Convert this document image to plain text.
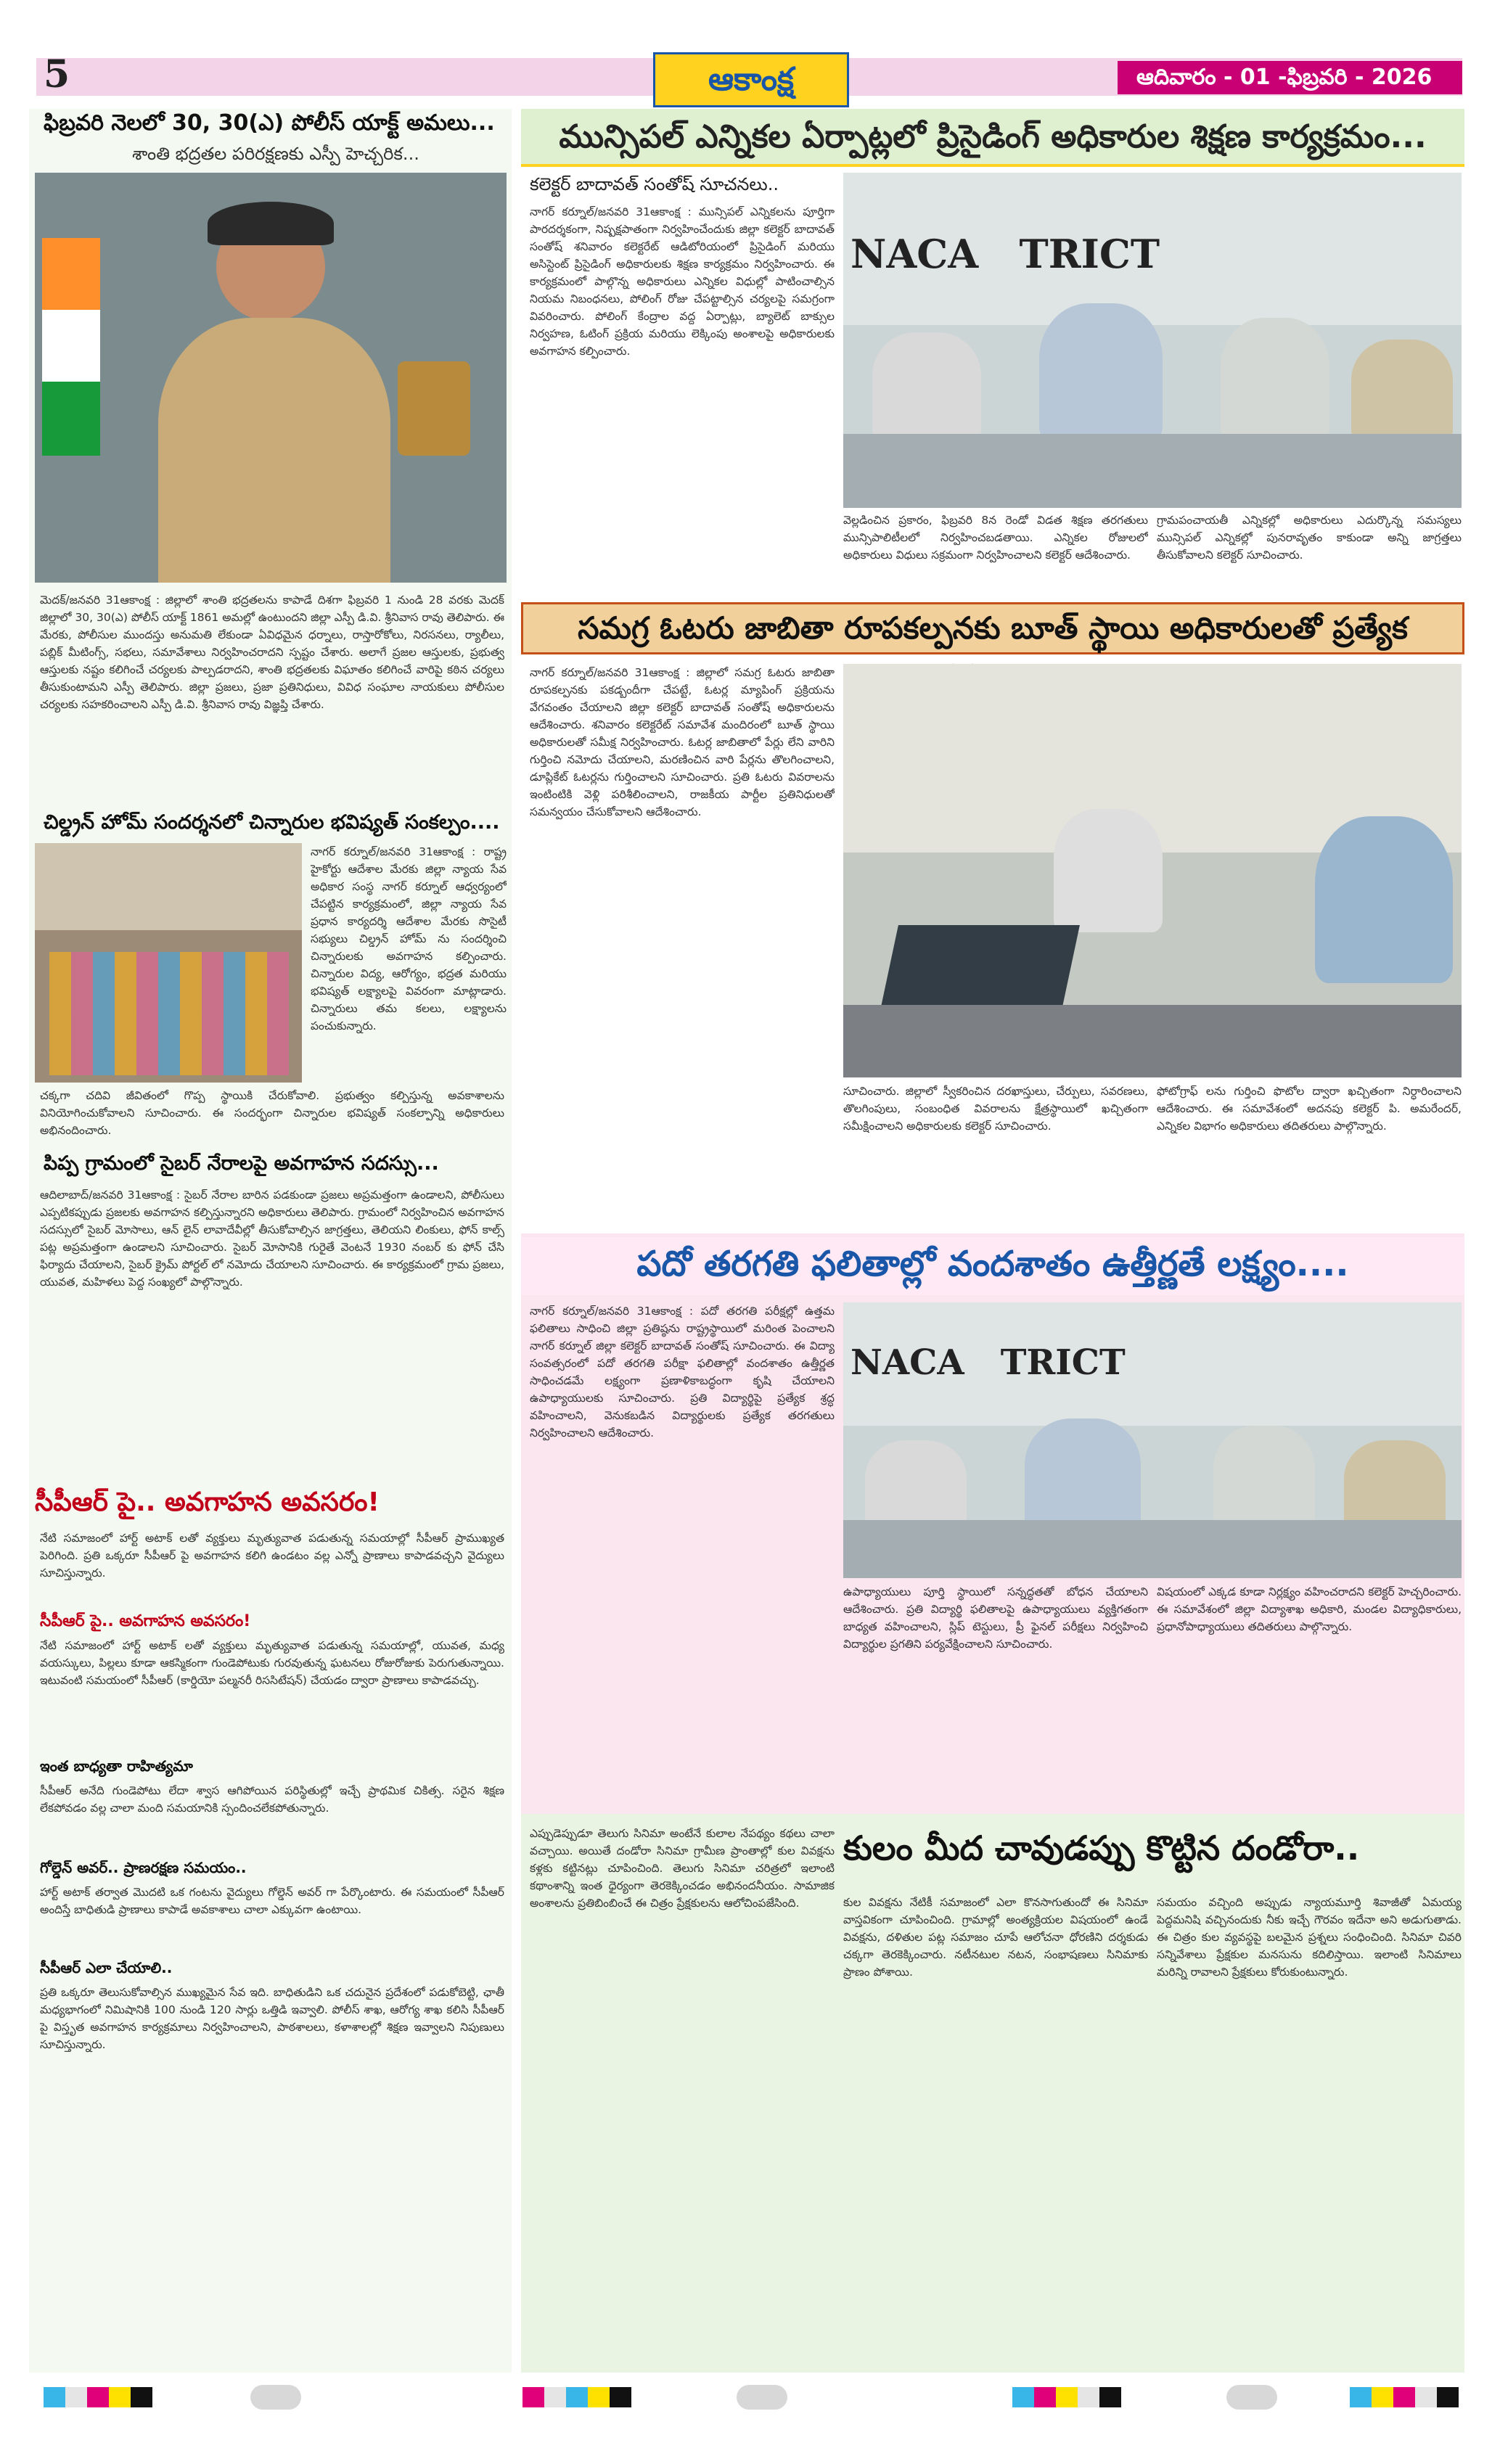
5	ఆకాంక్ష	ఆదివారం - 01 -ఫిబ్రవరి - 2026
ఫిబ్రవరి నెలలో 30, 30(ఎ) పోలీస్ యాక్ట్ అమలు...
శాంతి భద్రతల పరిరక్షణకు ఎస్పీ హెచ్చరిక...
మెదక్/జనవరి 31ఆకాంక్ష : జిల్లాలో శాంతి భద్రతలను కాపాడే దిశగా ఫిబ్రవరి 1 నుండి 28 వరకు మెదక్ జిల్లాలో 30, 30(ఎ) పోలీస్ యాక్ట్ 1861 అమల్లో ఉంటుందని జిల్లా ఎస్పీ డి.వి. శ్రీనివాస రావు తెలిపారు. ఈ మేరకు, పోలీసుల ముందస్తు అనుమతి లేకుండా ఏవిధమైన ధర్నాలు, రాస్తారోకోలు, నిరసనలు, ర్యాలీలు, పబ్లిక్ మీటింగ్స్, సభలు, సమావేశాలు నిర్వహించరాదని స్పష్టం చేశారు. అలాగే ప్రజల ఆస్తులకు, ప్రభుత్వ ఆస్తులకు నష్టం కలిగించే చర్యలకు పాల్పడరాదని, శాంతి భద్రతలకు విఘాతం కలిగించే వారిపై కఠిన చర్యలు తీసుకుంటామని ఎస్పీ తెలిపారు. జిల్లా ప్రజలు, ప్రజా ప్రతినిధులు, వివిధ సంఘాల నాయకులు పోలీసుల చర్యలకు సహకరించాలని ఎస్పీ డి.వి. శ్రీనివాస రావు విజ్ఞప్తి చేశారు.
చిల్డ్రన్ హోమ్ సందర్శనలో చిన్నారుల భవిష్యత్ సంకల్పం....
నాగర్ కర్నూల్/జనవరి 31ఆకాంక్ష : రాష్ట్ర హైకోర్టు ఆదేశాల మేరకు జిల్లా న్యాయ సేవ అధికార సంస్థ నాగర్ కర్నూల్ ఆధ్వర్యంలో చేపట్టిన కార్యక్రమంలో, జిల్లా న్యాయ సేవ ప్రధాన కార్యదర్శి ఆదేశాల మేరకు సొసైటీ సభ్యులు చిల్డ్రన్ హోమ్ ను సందర్శించి చిన్నారులకు అవగాహన కల్పించారు. చిన్నారుల విద్య, ఆరోగ్యం, భద్రత మరియు భవిష్యత్ లక్ష్యాలపై వివరంగా మాట్లాడారు. చిన్నారులు తమ కలలు, లక్ష్యాలను పంచుకున్నారు.
చక్కగా చదివి జీవితంలో గొప్ప స్థాయికి చేరుకోవాలి. ప్రభుత్వం కల్పిస్తున్న అవకాశాలను వినియోగించుకోవాలని సూచించారు. ఈ సందర్భంగా చిన్నారుల భవిష్యత్ సంకల్పాన్ని అధికారులు అభినందించారు.
పిప్ప గ్రామంలో సైబర్ నేరాలపై అవగాహన సదస్సు...
ఆదిలాబాద్/జనవరి 31ఆకాంక్ష : సైబర్ నేరాల బారిన పడకుండా ప్రజలు అప్రమత్తంగా ఉండాలని, పోలీసులు ఎప్పటికప్పుడు ప్రజలకు అవగాహన కల్పిస్తున్నారని అధికారులు తెలిపారు. గ్రామంలో నిర్వహించిన అవగాహన సదస్సులో సైబర్ మోసాలు, ఆన్ లైన్ లావాదేవీల్లో తీసుకోవాల్సిన జాగ్రత్తలు, తెలియని లింకులు, ఫోన్ కాల్స్ పట్ల అప్రమత్తంగా ఉండాలని సూచించారు. సైబర్ మోసానికి గురైతే వెంటనే 1930 నంబర్ కు ఫోన్ చేసి ఫిర్యాదు చేయాలని, సైబర్ క్రైమ్ పోర్టల్ లో నమోదు చేయాలని సూచించారు. ఈ కార్యక్రమంలో గ్రామ ప్రజలు, యువత, మహిళలు పెద్ద సంఖ్యలో పాల్గొన్నారు.
సీపీఆర్ పై.. అవగాహన అవసరం!
నేటి సమాజంలో హార్ట్ అటాక్ లతో వ్యక్తులు మృత్యువాత పడుతున్న సమయాల్లో సీపీఆర్ ప్రాముఖ్యత పెరిగింది. ప్రతి ఒక్కరూ సీపీఆర్ పై అవగాహన కలిగి ఉండటం వల్ల ఎన్నో ప్రాణాలు కాపాడవచ్చని వైద్యులు సూచిస్తున్నారు.
సీపీఆర్ పై.. అవగాహన అవసరం!
నేటి సమాజంలో హార్ట్ అటాక్ లతో వ్యక్తులు మృత్యువాత పడుతున్న సమయాల్లో, యువత, మధ్య వయస్కులు, పిల్లలు కూడా ఆకస్మికంగా గుండెపోటుకు గురవుతున్న ఘటనలు రోజురోజుకు పెరుగుతున్నాయి. ఇటువంటి సమయంలో సీపీఆర్ (కార్డియో పల్మనరీ రిససిటేషన్) చేయడం ద్వారా ప్రాణాలు కాపాడవచ్చు.
ఇంత బాధ్యతా రాహిత్యమా
సీపీఆర్ అనేది గుండెపోటు లేదా శ్వాస ఆగిపోయిన పరిస్థితుల్లో ఇచ్చే ప్రాథమిక చికిత్స. సరైన శిక్షణ లేకపోవడం వల్ల చాలా మంది సమయానికి స్పందించలేకపోతున్నారు.
గోల్డెన్ అవర్.. ప్రాణరక్షణ సమయం..
హార్ట్ అటాక్ తర్వాత మొదటి ఒక గంటను వైద్యులు గోల్డెన్ అవర్ గా పేర్కొంటారు. ఈ సమయంలో సీపీఆర్ అందిస్తే బాధితుడి ప్రాణాలు కాపాడే అవకాశాలు చాలా ఎక్కువగా ఉంటాయి.
సీపీఆర్ ఎలా చేయాలి..
ప్రతి ఒక్కరూ తెలుసుకోవాల్సిన ముఖ్యమైన సేవ ఇది. బాధితుడిని ఒక చదునైన ప్రదేశంలో పడుకోబెట్టి, ఛాతీ మధ్యభాగంలో నిమిషానికి 100 నుండి 120 సార్లు ఒత్తిడి ఇవ్వాలి. పోలీస్ శాఖ, ఆరోగ్య శాఖ కలిసి సీపీఆర్ పై విస్తృత అవగాహన కార్యక్రమాలు నిర్వహించాలని, పాఠశాలలు, కళాశాలల్లో శిక్షణ ఇవ్వాలని నిపుణులు సూచిస్తున్నారు.
మున్సిపల్ ఎన్నికల ఏర్పాట్లలో ప్రిసైడింగ్ అధికారుల శిక్షణ కార్యక్రమం...
కలెక్టర్ బాదావత్ సంతోష్ సూచనలు..
నాగర్ కర్నూల్/జనవరి 31ఆకాంక్ష : మున్సిపల్ ఎన్నికలను పూర్తిగా పారదర్శకంగా, నిష్పక్షపాతంగా నిర్వహించేందుకు జిల్లా కలెక్టర్ బాదావత్ సంతోష్ శనివారం కలెక్టరేట్ ఆడిటోరియంలో ప్రిసైడింగ్ మరియు అసిస్టెంట్ ప్రిసైడింగ్ అధికారులకు శిక్షణ కార్యక్రమం నిర్వహించారు. ఈ కార్యక్రమంలో పాల్గొన్న అధికారులు ఎన్నికల విధుల్లో పాటించాల్సిన నియమ నిబంధనలు, పోలింగ్ రోజు చేపట్టాల్సిన చర్యలపై సమగ్రంగా వివరించారు. పోలింగ్ కేంద్రాల వద్ద ఏర్పాట్లు, బ్యాలెట్ బాక్సుల నిర్వహణ, ఓటింగ్ ప్రక్రియ మరియు లెక్కింపు అంశాలపై అధికారులకు అవగాహన కల్పించారు.
NACA   TRICT
వెల్లడించిన ప్రకారం, ఫిబ్రవరి 8న రెండో విడత శిక్షణ తరగతులు మున్సిపాలిటీలలో నిర్వహించబడతాయి. ఎన్నికల రోజులలో అధికారులు విధులు సక్రమంగా నిర్వహించాలని కలెక్టర్ ఆదేశించారు.
గ్రామపంచాయతీ ఎన్నికల్లో అధికారులు ఎదుర్కొన్న సమస్యలు మున్సిపల్ ఎన్నికల్లో పునరావృతం కాకుండా అన్ని జాగ్రత్తలు తీసుకోవాలని కలెక్టర్ సూచించారు.
సమగ్ర ఓటరు జాబితా రూపకల్పనకు బూత్ స్థాయి అధికారులతో ప్రత్యేక
నాగర్ కర్నూల్/జనవరి 31ఆకాంక్ష : జిల్లాలో సమగ్ర ఓటరు జాబితా రూపకల్పనకు పకడ్బందీగా చేపట్టే, ఓటర్ల మ్యాపింగ్ ప్రక్రియను వేగవంతం చేయాలని జిల్లా కలెక్టర్ బాదావత్ సంతోష్ అధికారులను ఆదేశించారు. శనివారం కలెక్టరేట్ సమావేశ మందిరంలో బూత్ స్థాయి అధికారులతో సమీక్ష నిర్వహించారు. ఓటర్ల జాబితాలో పేర్లు లేని వారిని గుర్తించి నమోదు చేయాలని, మరణించిన వారి పేర్లను తొలగించాలని, డూప్లికేట్ ఓటర్లను గుర్తించాలని సూచించారు. ప్రతి ఓటరు వివరాలను ఇంటింటికి వెళ్లి పరిశీలించాలని, రాజకీయ పార్టీల ప్రతినిధులతో సమన్వయం చేసుకోవాలని ఆదేశించారు.
సూచించారు. జిల్లాలో స్వీకరించిన దరఖాస్తులు, చేర్పులు, సవరణలు, తొలగింపులు, సంబంధిత వివరాలను క్షేత్రస్థాయిలో ఖచ్చితంగా సమీక్షించాలని అధికారులకు కలెక్టర్ సూచించారు.
ఫోటోగ్రాఫ్ లను గుర్తించి ఫొటోల ద్వారా ఖచ్చితంగా నిర్ధారించాలని ఆదేశించారు. ఈ సమావేశంలో అదనపు కలెక్టర్ పి. అమరేందర్, ఎన్నికల విభాగం అధికారులు తదితరులు పాల్గొన్నారు.
పదో తరగతి ఫలితాల్లో వందశాతం ఉత్తీర్ణతే లక్ష్యం....
నాగర్ కర్నూల్/జనవరి 31ఆకాంక్ష : పదో తరగతి పరీక్షల్లో ఉత్తమ ఫలితాలు సాధించి జిల్లా ప్రతిష్ఠను రాష్ట్రస్థాయిలో మరింత పెంచాలని నాగర్ కర్నూల్ జిల్లా కలెక్టర్ బాదావత్ సంతోష్ సూచించారు. ఈ విద్యా సంవత్సరంలో పదో తరగతి పరీక్షా ఫలితాల్లో వందశాతం ఉత్తీర్ణత సాధించడమే లక్ష్యంగా ప్రణాళికాబద్ధంగా కృషి చేయాలని ఉపాధ్యాయులకు సూచించారు. ప్రతి విద్యార్థిపై ప్రత్యేక శ్రద్ధ వహించాలని, వెనుకబడిన విద్యార్థులకు ప్రత్యేక తరగతులు నిర్వహించాలని ఆదేశించారు.
NACA   TRICT
ఉపాధ్యాయులు పూర్తి స్థాయిలో సన్నద్ధతతో బోధన చేయాలని ఆదేశించారు. ప్రతి విద్యార్థి ఫలితాలపై ఉపాధ్యాయులు వ్యక్తిగతంగా బాధ్యత వహించాలని, స్లిప్ టెస్టులు, ప్రీ ఫైనల్ పరీక్షలు నిర్వహించి విద్యార్థుల ప్రగతిని పర్యవేక్షించాలని సూచించారు.
విషయంలో ఎక్కడ కూడా నిర్లక్ష్యం వహించరాదని కలెక్టర్ హెచ్చరించారు. ఈ సమావేశంలో జిల్లా విద్యాశాఖ అధికారి, మండల విద్యాధికారులు, ప్రధానోపాధ్యాయులు తదితరులు పాల్గొన్నారు.
ఎప్పుడెప్పుడూ తెలుగు సినిమా అంటేనే కులాల నేపథ్యం కథలు చాలా వచ్చాయి. అయితే దండోరా సినిమా గ్రామీణ ప్రాంతాల్లో కుల వివక్షను కళ్లకు కట్టినట్లు చూపించింది. తెలుగు సినిమా చరిత్రలో ఇలాంటి కథాంశాన్ని ఇంత ధైర్యంగా తెరకెక్కించడం అభినందనీయం. సామాజిక అంశాలను ప్రతిబింబించే ఈ చిత్రం ప్రేక్షకులను ఆలోచింపజేసింది.
కులం మీద చావుడప్పు కొట్టిన దండోరా..
కుల వివక్షను నేటికీ సమాజంలో ఎలా కొనసాగుతుందో ఈ సినిమా వాస్తవికంగా చూపించింది. గ్రామాల్లో అంత్యక్రియల విషయంలో ఉండే వివక్షను, దళితుల పట్ల సమాజం చూపే ఆలోచనా ధోరణిని దర్శకుడు చక్కగా తెరకెక్కించారు. నటీనటుల నటన, సంభాషణలు సినిమాకు ప్రాణం పోశాయి.
సమయం వచ్చింది అప్పుడు న్యాయమూర్తి శివాజీతో ఏమయ్య పెద్దమనిషి వచ్చినందుకు నీకు ఇచ్చే గౌరవం ఇదేనా అని అడుగుతాడు. ఈ చిత్రం కుల వ్యవస్థపై బలమైన ప్రశ్నలు సంధించింది. సినిమా చివరి సన్నివేశాలు ప్రేక్షకుల మనసును కదిలిస్తాయి. ఇలాంటి సినిమాలు మరిన్ని రావాలని ప్రేక్షకులు కోరుకుంటున్నారు.
